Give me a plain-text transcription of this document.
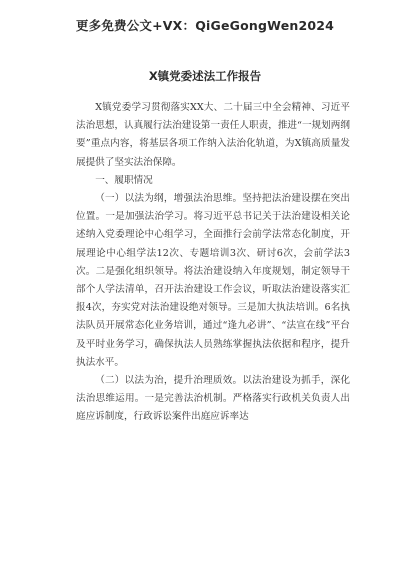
更多免费公文+VX：QiGeGongWen2024
X镇党委述法工作报告

X镇党委学习贯彻落实XX大、二十届三中全会精神、习近平法治思想，认真履行法治建设第一责任人职责，推进“一规划两纲要”重点内容，将基层各项工作纳入法治化轨道，为X镇高质量发展提供了坚实法治保障。

一、履职情况

（一）以法为纲，增强法治思维。坚持把法治建设摆在突出位置。一是加强法治学习。将习近平总书记关于法治建设相关论述纳入党委理论中心组学习，全面推行会前学法常态化制度，开展理论中心组学法12次、专题培训3次、研讨6次，会前学法3次。二是强化组织领导。将法治建设纳入年度规划，制定领导干部个人学法清单，召开法治建设工作会议，听取法治建设落实汇报4次，夯实党对法治建设绝对领导。三是加大执法培训。6名执法队员开展常态化业务培训，通过“逢九必讲”、“法宣在线”平台及平时业务学习，确保执法人员熟练掌握执法依据和程序，提升执法水平。

（二）以法为治，提升治理质效。以法治建设为抓手，深化法治思维运用。一是完善法治机制。严格落实行政机关负责人出庭应诉制度，行政诉讼案件出庭应诉率达
